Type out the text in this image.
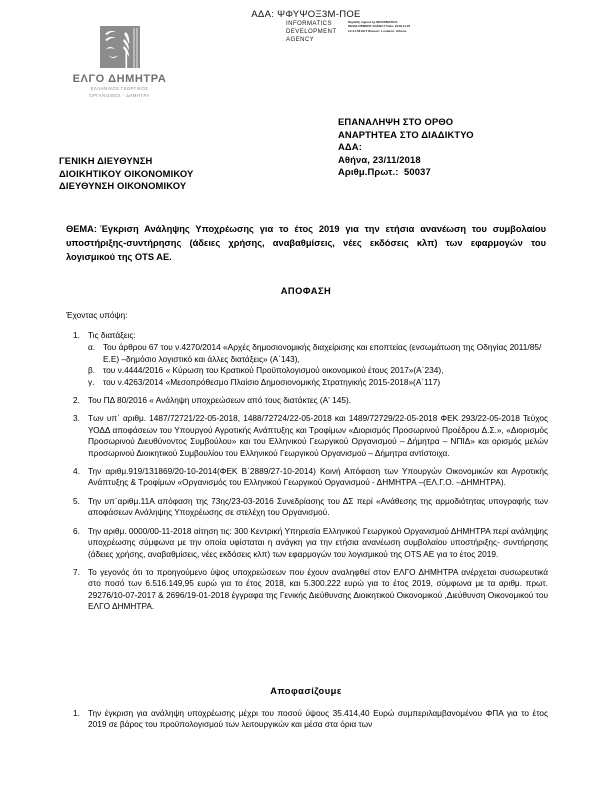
ΑΔΑ: ΨΦΥΨΟΞ3Μ-ΠΟΕ
INFORMATICS DEVELOPMENT AGENCY
Digitally signed by INFORMATICS DEVELOPMENT AGENCY Date: 2018.11.26 12:41:58 EET Reason: Location: Athens
ΕΛΓΟ ΔΗΜΗΤΡΑ
ΕΛΛΗΝΙΚΟΣ ΓΕΩΡΓΙΚΟΣ
ΟΡΓΑΝΙΣΜΟΣ - ΔΗΜΗΤΡΑ
ΕΠΑΝΑΛΗΨΗ ΣΤΟ ΟΡΘΟ
ΑΝΑΡΤΗΤΕΑ ΣΤΟ ΔΙΑΔΙΚΤΥΟ
ΑΔΑ:
Αθήνα, 23/11/2018
Αριθμ.Πρωτ.:  50037
ΓΕΝΙΚΗ ΔΙΕΥΘΥΝΣΗ
ΔΙΟΙΚΗΤΙΚΟΥ ΟΙΚΟΝΟΜΙΚΟΥ
ΔΙΕΥΘΥΝΣΗ ΟΙΚΟΝΟΜΙΚΟΥ
ΘΕΜΑ: Έγκριση Ανάληψης Υποχρέωσης για το έτος 2019 για την ετήσια ανανέωση του συμβολαίου υποστήριξης-συντήρησης (άδειες χρήσης, αναβαθμίσεις, νέες εκδόσεις κλπ) των εφαρμογών του λογισμικού της OTS AE.
ΑΠΟΦΑΣΗ
Έχοντας υπόψη:
1. Τις διατάξεις:
α. Του άρθρου 67 του ν.4270/2014 «Αρχές δημοσιονομικής διαχείρισης και εποπτείας (ενσωμάτωση της Οδηγίας 2011/85/Ε.Ε) –δημόσιο λογιστικό και άλλες διατάξεις» (Α΄143),
β. του ν.4444/2016 « Κύρωση του Κρατικού Προϋπολογισμού οικονομικού έτους 2017»(Α΄234),
γ.	του ν.4263/2014 «Μεσοπρόθεσμο Πλαίσιο Δημοσιονομικής Στρατηγικής 2015-2018»(Α΄117)
2. Του ΠΔ 80/2016 « Ανάληψη υποχρεώσεων από τους διατάκτες (Α' 145).
3. Των υπ΄ αριθμ. 1487/72721/22-05-2018, 1488/72724/22-05-2018 και 1489/72729/22-05-2018 ΦΕΚ 293/22-05-2018 Τεύχος ΥΟΔΔ αποφάσεων του Υπουργού Αγροτικής Ανάπτυξης και Τροφίμων «Διορισμός Προσωρινού Προέδρου Δ.Σ.», «Διορισμός Προσωρινού Διευθύνοντος Συμβούλου» και του Ελληνικού Γεωργικού Οργανισμού – Δήμητρα – ΝΠΙΔ» και ορισμός μελών προσωρινού Διοικητικού Συμβουλίου του Ελληνικού Γεωργικού Οργανισμού – Δήμητρα αντίστοιχα.
4. Την αριθμ.919/131869/20-10-2014(ΦΕΚ Β΄2889/27-10-2014) Κοινή Απόφαση των Υπουργών Οικονομικών και Αγροτικής Ανάπτυξης & Τροφίμων «Οργανισμός του Ελληνικού Γεωργικού Οργανισμού - ΔΗΜΗΤΡΑ –(ΕΛ.Γ.Ο. –ΔΗΜΗΤΡΑ).
5. Την υπ΄αριθμ.11Α απόφαση της 73ης/23-03-2016 Συνεδρίασης του ΔΣ περί «Ανάθεσης της αρμοδιότητας υπογραφής των αποφάσεων Ανάληψης Υποχρέωσης σε στελέχη του Οργανισμού.
6. Την αριθμ. 0000/00-11-2018 αίτηση τις: 300 Κεντρική Υπηρεσία Ελληνικού Γεωργικού Οργανισμού ΔΗΜΗΤΡΑ περί ανάληψης υποχρέωσης σύμφωνα με την οποία υφίσταται η ανάγκη για την ετήσια ανανέωση συμβολαίου υποστήριξης- συντήρησης (άδειες χρήσης, αναβαθμίσεις, νέες εκδόσεις κλπ) των εφαρμογών του λογισμικού της OTS AE για το έτος 2019.
7. Το γεγονός ότι το προηγούμενο ύψος υποχρεώσεων που έχουν αναληφθεί στον ΕΛΓΟ ΔΗΜΗΤΡΑ ανέρχεται συσωρευτικά στο ποσό των 6.516.149,95 ευρώ για το έτος 2018, και 5.300.222 ευρώ για το έτος 2019, σύμφωνα με τα αριθμ. πρωτ. 29276/10-07-2017 & 2696/19-01-2018 έγγραφα της Γενικής Διεύθυνσης Διοικητικού Οικονομικού ,Διεύθυνση Οικονομικού του ΕΛΓΟ ΔΗΜΗΤΡΑ.
Αποφασίζουμε
1. Την έγκριση για ανάληψη υποχρέωσης μέχρι του ποσού ύψους 35.414,40 Ευρώ συμπεριλαμβανομένου ΦΠΑ για το έτος 2019 σε βάρος του προϋπολογισμού των λειτουργικών και μέσα στα όρια των
